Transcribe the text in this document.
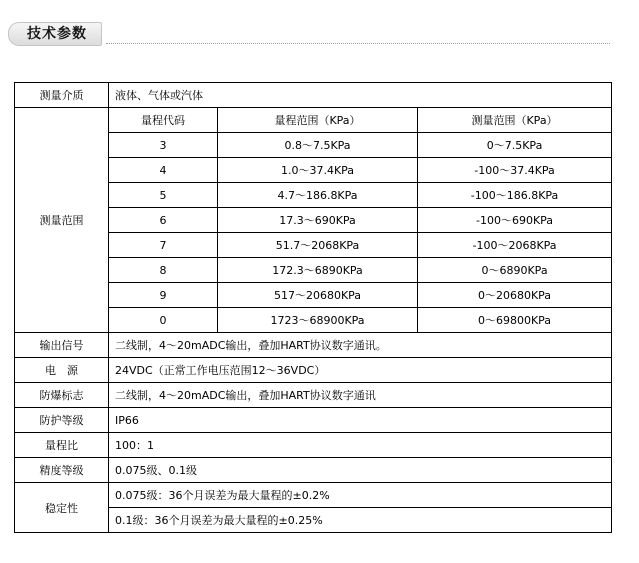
技术参数
测量介质	液体、气体或汽体		
测量范围	量程代码	量程范围（KPa）	测量范围（KPa）
	3	0.8～7.5KPa	0～7.5KPa
	4	1.0～37.4KPa	-100～37.4KPa
	5	4.7～186.8KPa	-100～186.8KPa
	6	17.3～690KPa	-100～690KPa
	7	51.7～2068KPa	-100～2068KPa
	8	172.3～6890KPa	0～6890KPa
	9	517～20680KPa	0～20680KPa
	0	1723～68900KPa	0～69800KPa
输出信号	二线制，4～20mADC输出，叠加HART协议数字通讯。		
电　源	24VDC（正常工作电压范围12～36VDC）		
防爆标志	二线制，4～20mADC输出，叠加HART协议数字通讯		
防护等级	IP66		
量程比	100：1		
精度等级	0.075级、0.1级		
稳定性	0.075级：36个月误差为最大量程的±0.2%		
	0.1级：36个月误差为最大量程的±0.25%		
